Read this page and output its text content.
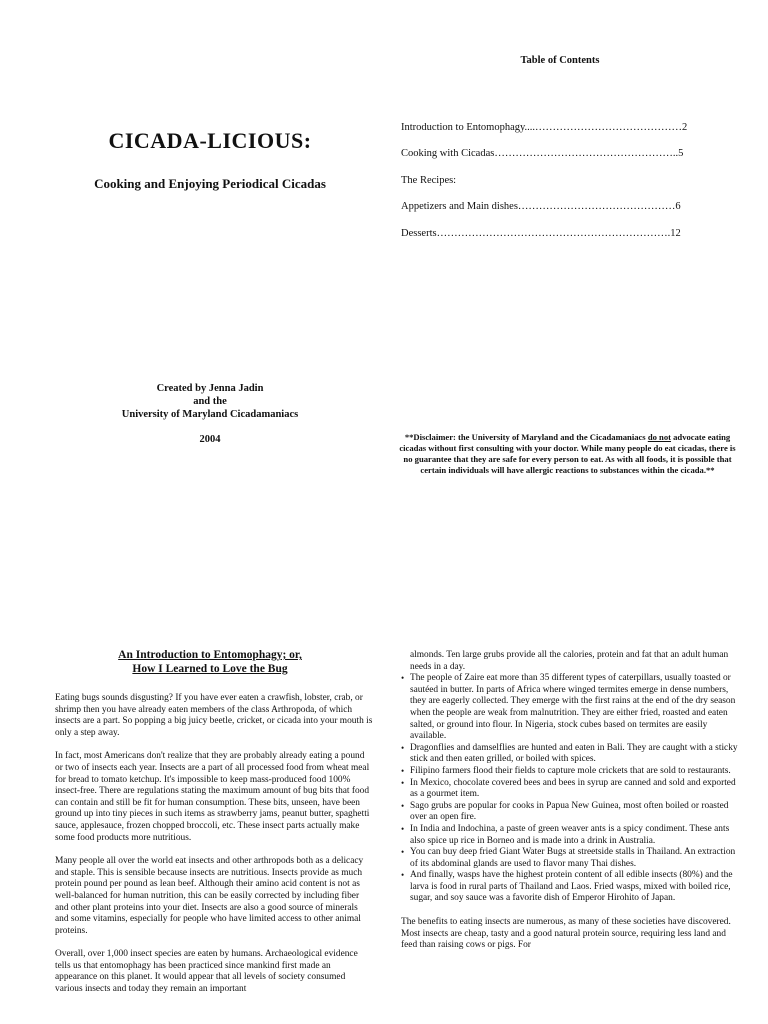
CICADA-LICIOUS:
Cooking and Enjoying Periodical Cicadas
Created by Jenna Jadin
and the
University of Maryland Cicadamaniacs
2004
Table of Contents
Introduction to Entomophagy....……………………………………2
Cooking with Cicadas……………………………………………..5
The Recipes:
Appetizers and Main dishes………………………………………6
Desserts………………………………………………………….12
**Disclaimer: the University of Maryland and the Cicadamaniacs do not advocate eating cicadas without first consulting with your doctor. While many people do eat cicadas, there is no guarantee that they are safe for every person to eat. As with all foods, it is possible that certain individuals will have allergic reactions to substances within the cicada.**
An Introduction to Entomophagy; or,
How I Learned to Love the Bug

Eating bugs sounds disgusting? If you have ever eaten a crawfish, lobster, crab, or shrimp then you have already eaten members of the class Arthropoda, of which insects are a part. So popping a big juicy beetle, cricket, or cicada into your mouth is only a step away.

In fact, most Americans don't realize that they are probably already eating a pound or two of insects each year. Insects are a part of all processed food from wheat meal for bread to tomato ketchup. It's impossible to keep mass-produced food 100% insect-free. There are regulations stating the maximum amount of bug bits that food can contain and still be fit for human consumption. These bits, unseen, have been ground up into tiny pieces in such items as strawberry jams, peanut butter, spaghetti sauce, applesauce, frozen chopped broccoli, etc. These insect parts actually make some food products more nutritious.

Many people all over the world eat insects and other arthropods both as a delicacy and staple. This is sensible because insects are nutritious. Insects provide as much protein pound per pound as lean beef. Although their amino acid content is not as well-balanced for human nutrition, this can be easily corrected by including fiber and other plant proteins into your diet. Insects are also a good source of minerals and some vitamins, especially for people who have limited access to other animal proteins.

Overall, over 1,000 insect species are eaten by humans. Archaeological evidence tells us that entomophagy has been practiced since mankind first made an appearance on this planet. It would appear that all levels of society consumed various insects and today they remain an important

almonds. Ten large grubs provide all the calories, protein and fat that an adult human needs in a day.
• The people of Zaire eat more than 35 different types of caterpillars, usually toasted or sautéed in butter. In parts of Africa where winged termites emerge in dense numbers, they are eagerly collected. They emerge with the first rains at the end of the dry season when the people are weak from malnutrition. They are either fried, roasted and eaten salted, or ground into flour. In Nigeria, stock cubes based on termites are easily available.
• Dragonflies and damselflies are hunted and eaten in Bali. They are caught with a sticky stick and then eaten grilled, or boiled with spices.
• Filipino farmers flood their fields to capture mole crickets that are sold to restaurants.
• In Mexico, chocolate covered bees and bees in syrup are canned and sold and exported as a gourmet item.
• Sago grubs are popular for cooks in Papua New Guinea, most often boiled or roasted over an open fire.
• In India and Indochina, a paste of green weaver ants is a spicy condiment. These ants also spice up rice in Borneo and is made into a drink in Australia.
• You can buy deep fried Giant Water Bugs at streetside stalls in Thailand. An extraction of its abdominal glands are used to flavor many Thai dishes.
• And finally, wasps have the highest protein content of all edible insects (80%) and the larva is food in rural parts of Thailand and Laos. Fried wasps, mixed with boiled rice, sugar, and soy sauce was a favorite dish of Emperor Hirohito of Japan.
The benefits to eating insects are numerous, as many of these societies have discovered. Most insects are cheap, tasty and a good natural protein source, requiring less land and feed than raising cows or pigs. For
